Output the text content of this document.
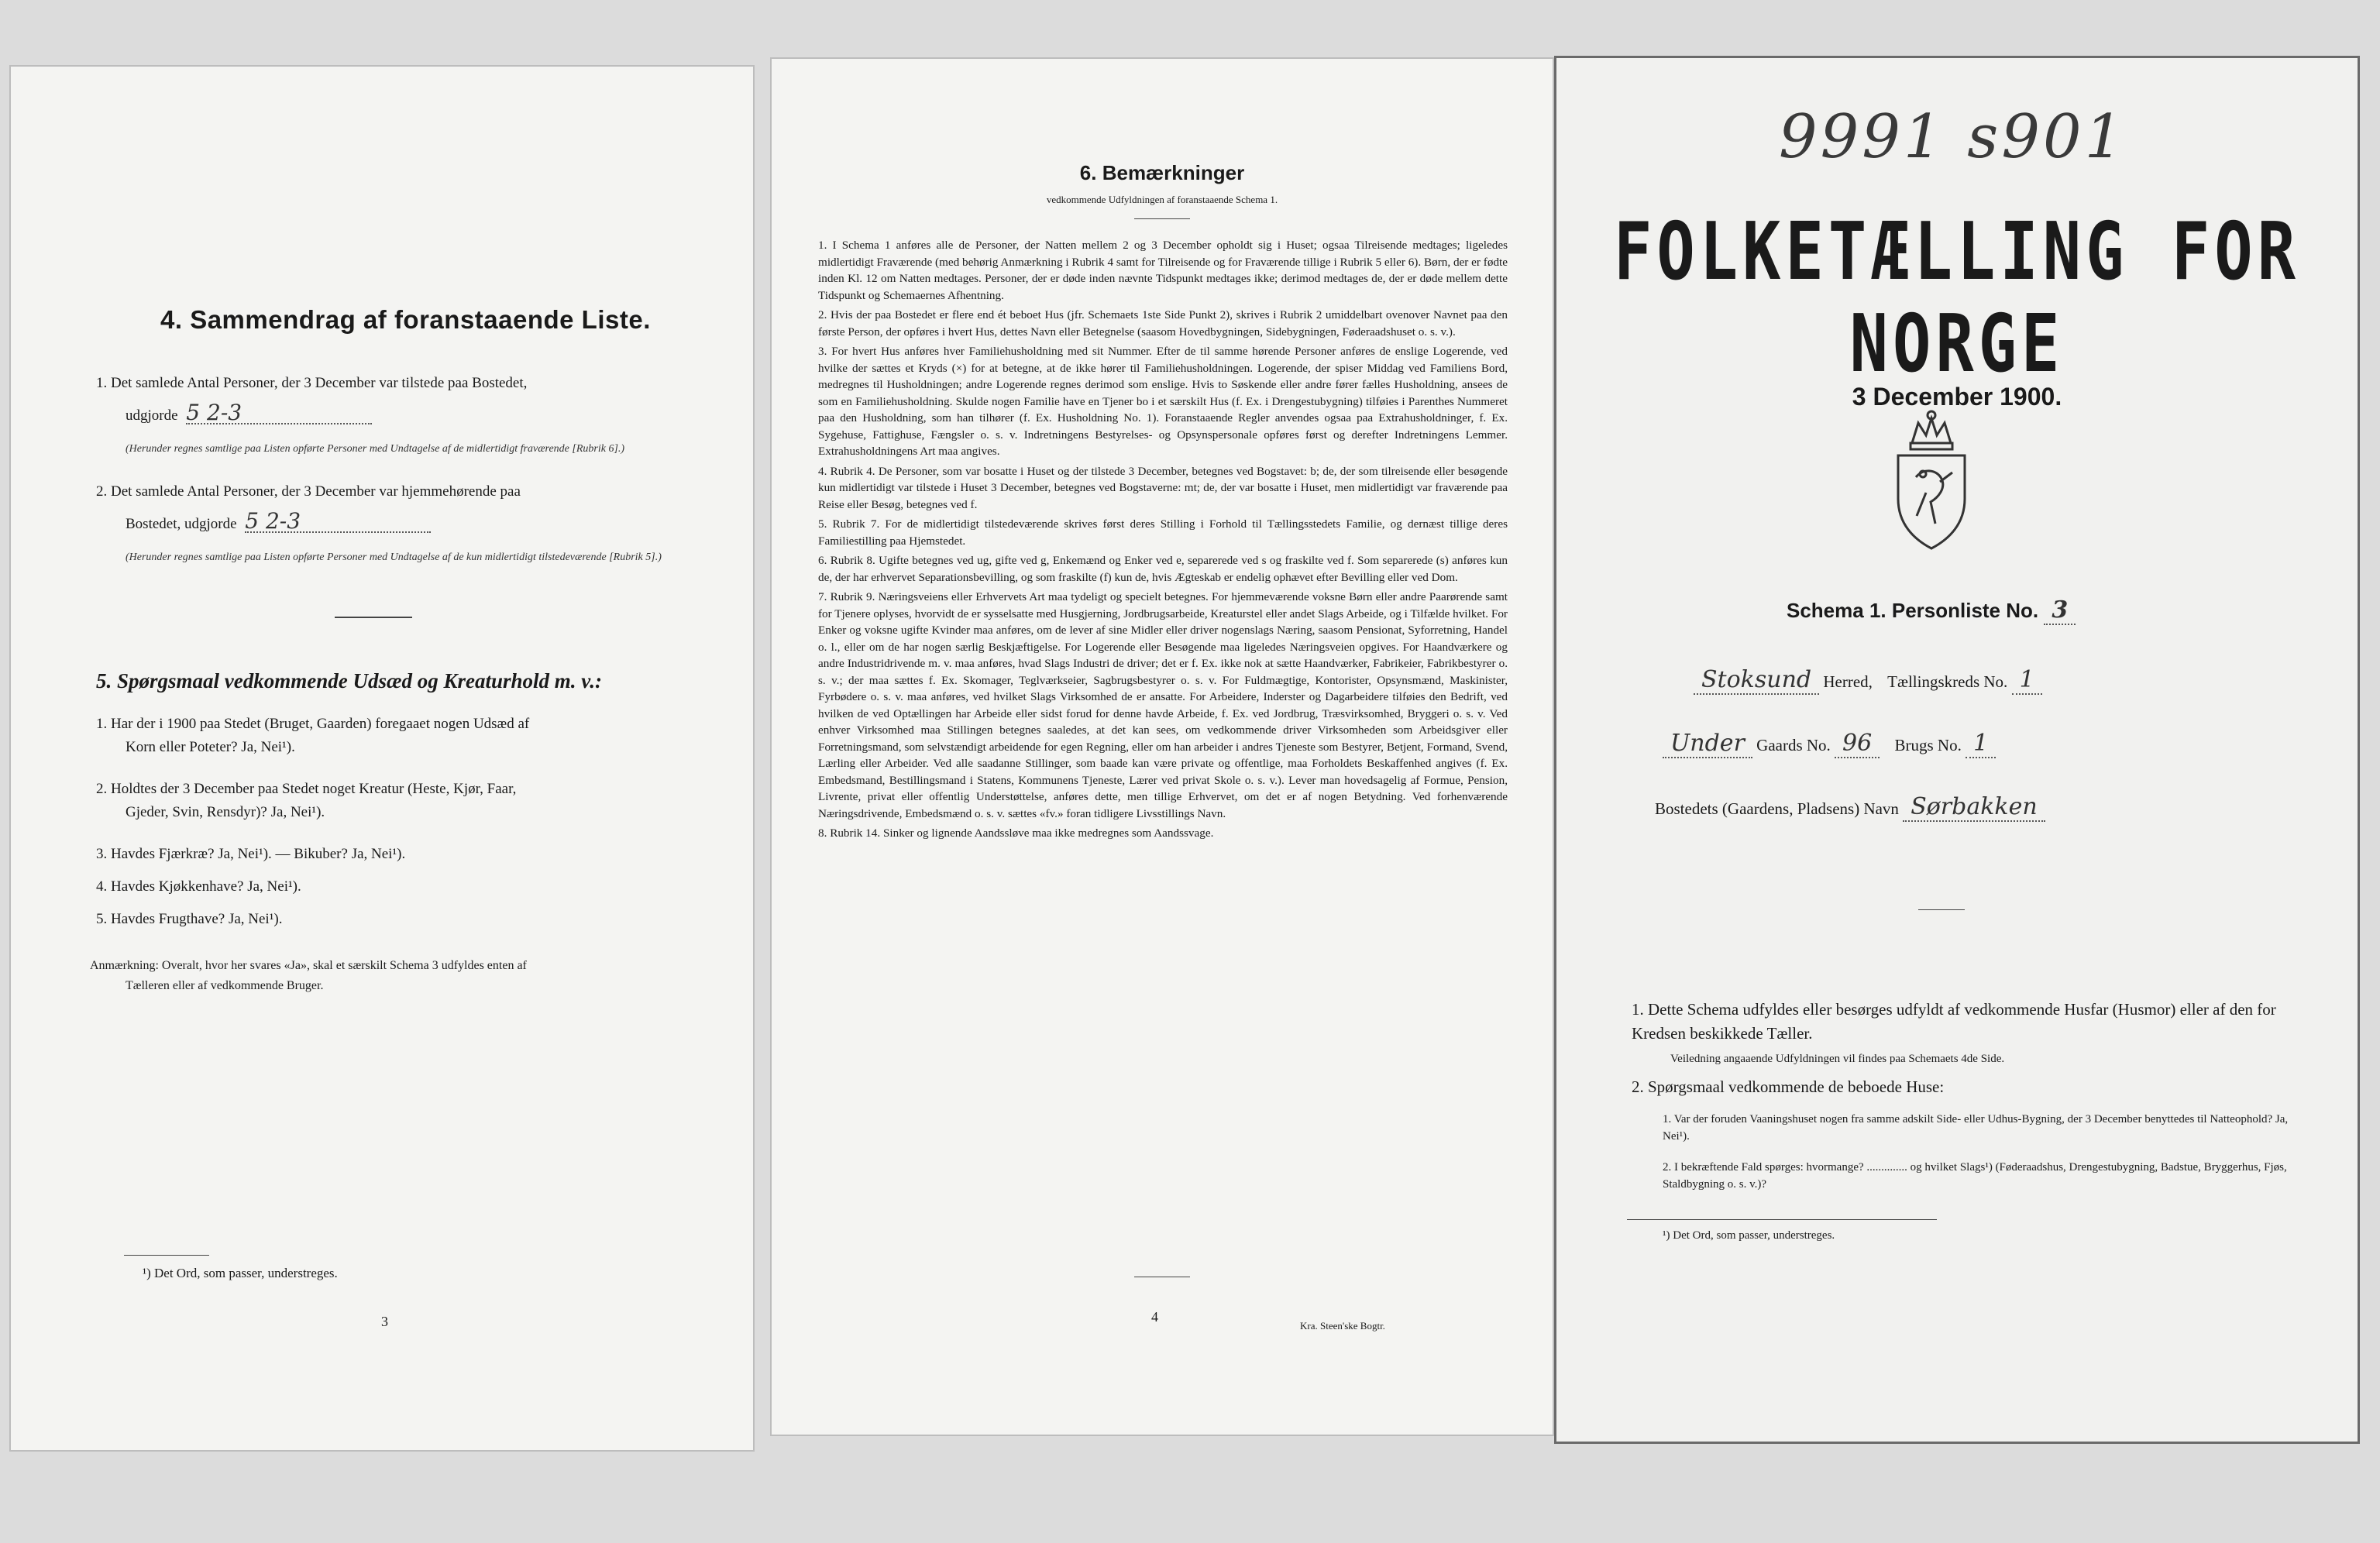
4. Sammendrag af foranstaaende Liste.
1. Det samlede Antal Personer, der 3 December var tilstede paa Bostedet,
udgjorde 5 2-3
(Herunder regnes samtlige paa Listen opførte Personer med Undtagelse af de midlertidigt fraværende [Rubrik 6].)
2. Det samlede Antal Personer, der 3 December var hjemmehørende paa
Bostedet, udgjorde 5 2-3
(Herunder regnes samtlige paa Listen opførte Personer med Undtagelse af de kun midlertidigt tilstedeværende [Rubrik 5].)
5. Spørgsmaal vedkommende Udsæd og Kreaturhold m. v.:
1. Har der i 1900 paa Stedet (Bruget, Gaarden) foregaaet nogen Udsæd af
Korn eller Poteter? Ja, Nei¹).
2. Holdtes der 3 December paa Stedet noget Kreatur (Heste, Kjør, Faar,
Gjeder, Svin, Rensdyr)? Ja, Nei¹).
3. Havdes Fjærkræ? Ja, Nei¹). — Bikuber? Ja, Nei¹).
4. Havdes Kjøkkenhave? Ja, Nei¹).
5. Havdes Frugthave? Ja, Nei¹).
Anmærkning: Overalt, hvor her svares «Ja», skal et særskilt Schema 3 udfyldes enten af
Tælleren eller af vedkommende Bruger.
¹) Det Ord, som passer, understreges.
3
6. Bemærkninger
vedkommende Udfyldningen af foranstaaende Schema 1.

1. I Schema 1 anføres alle de Personer, der Natten mellem 2 og 3 December opholdt sig i Huset; ogsaa Tilreisende medtages; ligeledes midlertidigt Fraværende (med behørig Anmærkning i Rubrik 4 samt for Tilreisende og for Fraværende tillige i Rubrik 5 eller 6). Børn, der er fødte inden Kl. 12 om Natten medtages. Personer, der er døde inden nævnte Tidspunkt medtages ikke; derimod medtages de, der er døde mellem dette Tidspunkt og Schemaernes Afhentning.

2. Hvis der paa Bostedet er flere end ét beboet Hus (jfr. Schemaets 1ste Side Punkt 2), skrives i Rubrik 2 umiddelbart ovenover Navnet paa den første Person, der opføres i hvert Hus, dettes Navn eller Betegnelse (saasom Hovedbygningen, Sidebygningen, Føderaadshuset o. s. v.).

3. For hvert Hus anføres hver Familiehusholdning med sit Nummer. Efter de til samme hørende Personer anføres de enslige Logerende, ved hvilke der sættes et Kryds (×) for at betegne, at de ikke hører til Familiehusholdningen. Logerende, der spiser Middag ved Familiens Bord, medregnes til Husholdningen; andre Logerende regnes derimod som enslige. Hvis to Søskende eller andre fører fælles Husholdning, ansees de som en Familiehusholdning. Skulde nogen Familie have en Tjener bo i et særskilt Hus (f. Ex. i Drengestubygning) tilføies i Parenthes Nummeret paa den Husholdning, som han tilhører (f. Ex. Husholdning No. 1). Foranstaaende Regler anvendes ogsaa paa Extrahusholdninger, f. Ex. Sygehuse, Fattighuse, Fængsler o. s. v. Indretningens Bestyrelses- og Opsynspersonale opføres først og derefter Indretningens Lemmer. Extrahusholdningens Art maa angives.

4. Rubrik 4. De Personer, som var bosatte i Huset og der tilstede 3 December, betegnes ved Bogstavet: b; de, der som tilreisende eller besøgende kun midlertidigt var tilstede i Huset 3 December, betegnes ved Bogstaverne: mt; de, der var bosatte i Huset, men midlertidigt var fraværende paa Reise eller Besøg, betegnes ved f.

5. Rubrik 7. For de midlertidigt tilstedeværende skrives først deres Stilling i Forhold til Tællingsstedets Familie, og dernæst tillige deres Familiestilling paa Hjemstedet.

6. Rubrik 8. Ugifte betegnes ved ug, gifte ved g, Enkemænd og Enker ved e, separerede ved s og fraskilte ved f. Som separerede (s) anføres kun de, der har erhvervet Separationsbevilling, og som fraskilte (f) kun de, hvis Ægteskab er endelig ophævet efter Bevilling eller ved Dom.

7. Rubrik 9. Næringsveiens eller Erhvervets Art maa tydeligt og specielt betegnes. For hjemmeværende voksne Børn eller andre Paarørende samt for Tjenere oplyses, hvorvidt de er sysselsatte med Husgjerning, Jordbrugsarbeide, Kreaturstel eller andet Slags Arbeide, og i Tilfælde hvilket. For Enker og voksne ugifte Kvinder maa anføres, om de lever af sine Midler eller driver nogenslags Næring, saasom Pensionat, Syforretning, Handel o. l., eller om de har nogen særlig Beskjæftigelse. For Logerende eller Besøgende maa ligeledes Næringsveien opgives. For Haandværkere og andre Industridrivende m. v. maa anføres, hvad Slags Industri de driver; det er f. Ex. ikke nok at sætte Haandværker, Fabrikeier, Fabrikbestyrer o. s. v.; der maa sættes f. Ex. Skomager, Teglværkseier, Sagbrugsbestyrer o. s. v. For Fuldmægtige, Kontorister, Opsynsmænd, Maskinister, Fyrbødere o. s. v. maa anføres, ved hvilket Slags Virksomhed de er ansatte. For Arbeidere, Inderster og Dagarbeidere tilføies den Bedrift, ved hvilken de ved Optællingen har Arbeide eller sidst forud for denne havde Arbeide, f. Ex. ved Jordbrug, Træsvirksomhed, Bryggeri o. s. v. Ved enhver Virksomhed maa Stillingen betegnes saaledes, at det kan sees, om vedkommende driver Virksomheden som Arbeidsgiver eller Forretningsmand, som selvstændigt arbeidende for egen Regning, eller om han arbeider i andres Tjeneste som Bestyrer, Betjent, Formand, Svend, Lærling eller Arbeider. Ved alle saadanne Stillinger, som baade kan være private og offentlige, maa Forholdets Beskaffenhed angives (f. Ex. Embedsmand, Bestillingsmand i Statens, Kommunens Tjeneste, Lærer ved privat Skole o. s. v.). Lever man hovedsagelig af Formue, Pension, Livrente, privat eller offentlig Understøttelse, anføres dette, men tillige Erhvervet, om det er af nogen Betydning. Ved forhenværende Næringsdrivende, Embedsmænd o. s. v. sættes «fv.» foran tidligere Livsstillings Navn.

8. Rubrik 14. Sinker og lignende Aandssløve maa ikke medregnes som Aandssvage.

4
Kra. Steen'ske Bogtr.
9991 s901
FOLKETÆLLING FOR NORGE
3 December 1900.
Schema 1. Personliste No. 3
Stoksund Herred, Tællingskreds No. 1
Under Gaards No. 96 Brugs No. 1
Bostedets (Gaardens, Pladsens) Navn Sørbakken
1. Dette Schema udfyldes eller besørges udfyldt af vedkommende Husfar (Husmor) eller af den for Kredsen beskikkede Tæller.
Veiledning angaaende Udfyldningen vil findes paa Schemaets 4de Side.
2. Spørgsmaal vedkommende de beboede Huse:
1. Var der foruden Vaaningshuset nogen fra samme adskilt Side- eller Udhus-Bygning, der 3 December benyttedes til Natteophold? Ja, Nei¹).
2. I bekræftende Fald spørges: hvormange? .............. og hvilket Slags¹) (Føderaadshus, Drengestubygning, Badstue, Bryggerhus, Fjøs, Staldbygning o. s. v.)?
¹) Det Ord, som passer, understreges.
